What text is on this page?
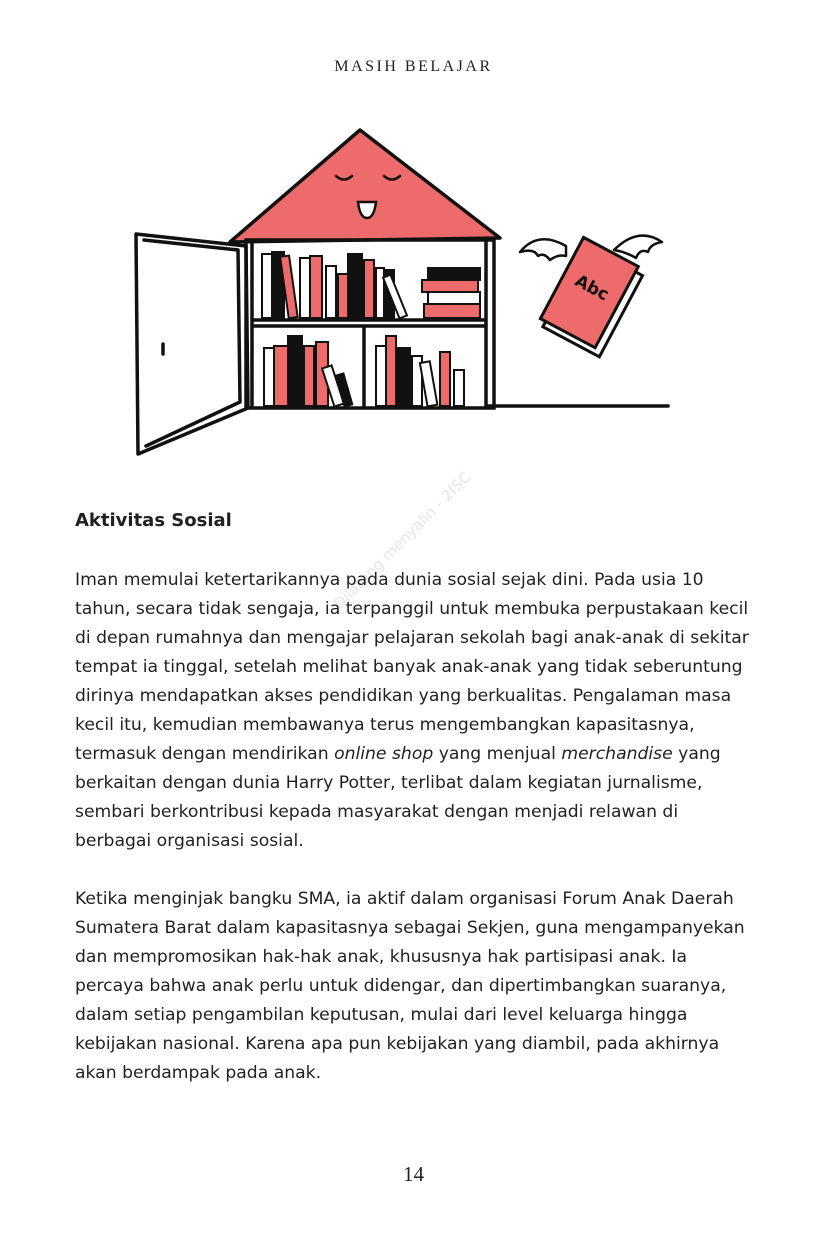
MASIH BELAJAR
Abc
Dilarang menyalin - 2ISC
Aktivitas Sosial

Iman memulai ketertarikannya pada dunia sosial sejak dini. Pada usia 10 tahun, secara tidak sengaja, ia terpanggil untuk membuka perpustakaan kecil di depan rumahnya dan mengajar pelajaran sekolah bagi anak-anak di sekitar tempat ia tinggal, setelah melihat banyak anak-anak yang tidak seberuntung dirinya mendapatkan akses pendidikan yang berkualitas. Pengalaman masa kecil itu, kemudian membawanya terus mengembangkan kapasitasnya, termasuk dengan mendirikan online shop yang menjual merchandise yang berkaitan dengan dunia Harry Potter, terlibat dalam kegiatan jurnalisme, sembari berkontribusi kepada masyarakat dengan menjadi relawan di berbagai organisasi sosial.

Ketika menginjak bangku SMA, ia aktif dalam organisasi Forum Anak Daerah Sumatera Barat dalam kapasitasnya sebagai Sekjen, guna mengampanyekan dan mempromosikan hak-hak anak, khususnya hak partisipasi anak. Ia percaya bahwa anak perlu untuk didengar, dan dipertimbangkan suaranya, dalam setiap pengambilan keputusan, mulai dari level keluarga hingga kebijakan nasional. Karena apa pun kebijakan yang diambil, pada akhirnya akan berdampak pada anak.

14
